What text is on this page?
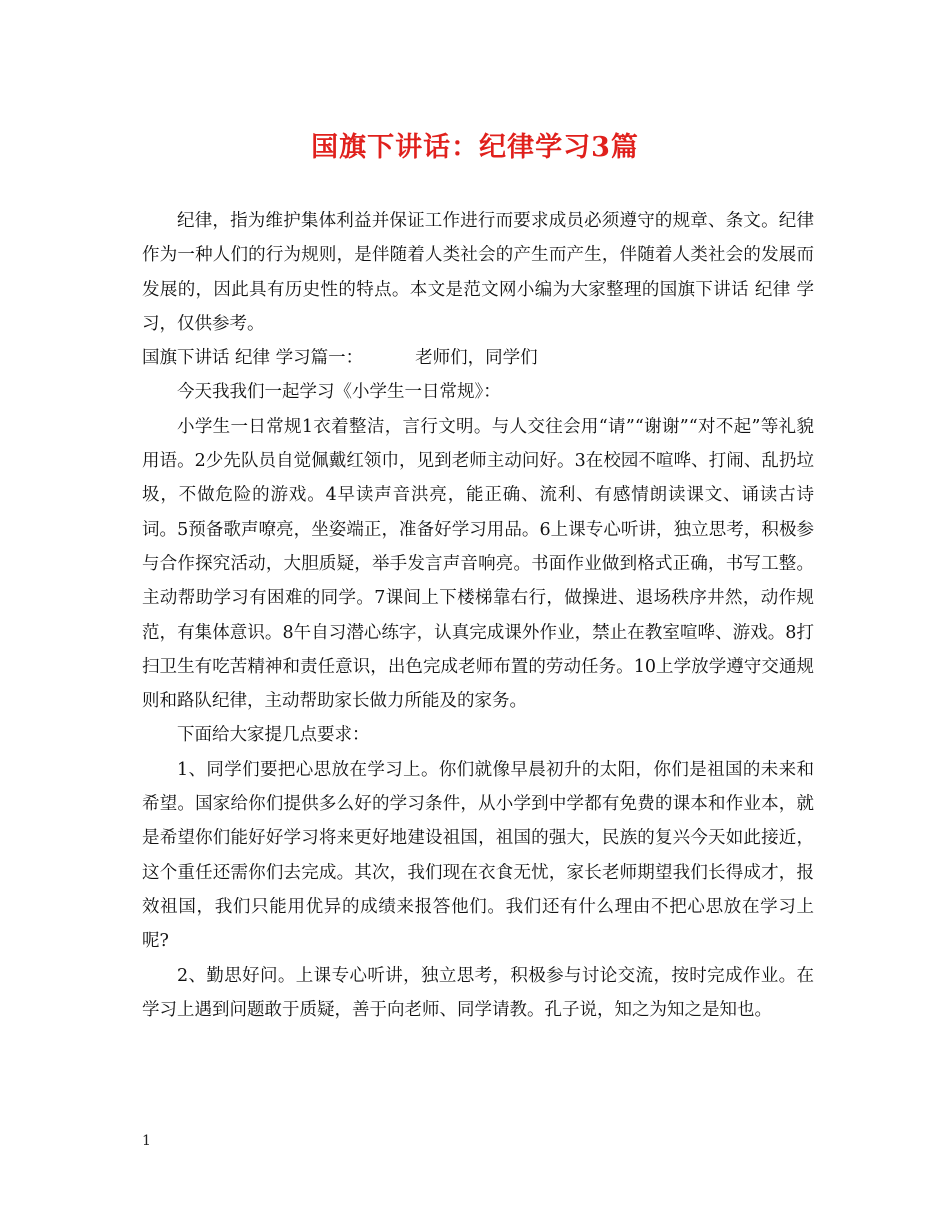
国旗下讲话：纪律学习3篇

纪律，指为维护集体利益并保证工作进行而要求成员必须遵守的规章、条文。纪律作为一种人们的行为规则，是伴随着人类社会的产生而产生，伴随着人类社会的发展而发展的，因此具有历史性的特点。本文是范文网小编为大家整理的国旗下讲话 纪律 学习，仅供参考。

国旗下讲话 纪律 学习篇一：	老师们，同学们

今天我我们一起学习《小学生一日常规》：

小学生一日常规1衣着整洁，言行文明。与人交往会用“请”“谢谢”“对不起”等礼貌用语。2少先队员自觉佩戴红领巾，见到老师主动问好。3在校园不喧哗、打闹、乱扔垃圾，不做危险的游戏。4早读声音洪亮，能正确、流利、有感情朗读课文、诵读古诗词。5预备歌声嘹亮，坐姿端正，准备好学习用品。6上课专心听讲，独立思考，积极参与合作探究活动，大胆质疑，举手发言声音响亮。书面作业做到格式正确，书写工整。主动帮助学习有困难的同学。7课间上下楼梯靠右行，做操进、退场秩序井然，动作规范，有集体意识。8午自习潜心练字，认真完成课外作业，禁止在教室喧哗、游戏。8打扫卫生有吃苦精神和责任意识，出色完成老师布置的劳动任务。10上学放学遵守交通规则和路队纪律，主动帮助家长做力所能及的家务。

下面给大家提几点要求：

1、同学们要把心思放在学习上。你们就像早晨初升的太阳，你们是祖国的未来和希望。国家给你们提供多么好的学习条件，从小学到中学都有免费的课本和作业本，就是希望你们能好好学习将来更好地建设祖国，祖国的强大，民族的复兴今天如此接近，这个重任还需你们去完成。其次，我们现在衣食无忧，家长老师期望我们长得成才，报效祖国，我们只能用优异的成绩来报答他们。我们还有什么理由不把心思放在学习上呢?

2、勤思好问。上课专心听讲，独立思考，积极参与讨论交流，按时完成作业。在学习上遇到问题敢于质疑，善于向老师、同学请教。孔子说，知之为知之是知也。

1
